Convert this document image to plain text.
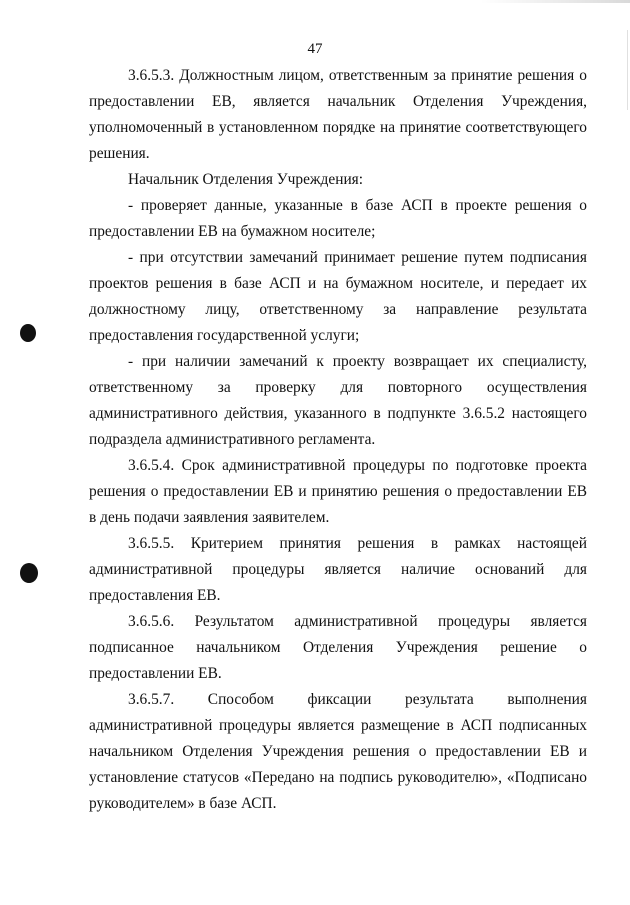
47

3.6.5.3. Должностным лицом, ответственным за принятие решения о предоставлении ЕВ, является начальник Отделения Учреждения, уполномоченный в установленном порядке на принятие соответствующего решения.

Начальник Отделения Учреждения:

- проверяет данные, указанные в базе АСП в проекте решения о предоставлении ЕВ на бумажном носителе;

- при отсутствии замечаний принимает решение путем подписания проектов решения в базе АСП и на бумажном носителе, и передает их должностному лицу, ответственному за направление результата предоставления государственной услуги;

- при наличии замечаний к проекту возвращает их специалисту, ответственному за проверку для повторного осуществления административного действия, указанного в подпункте 3.6.5.2 настоящего подраздела административного регламента.

3.6.5.4. Срок административной процедуры по подготовке проекта решения о предоставлении ЕВ и принятию решения о предоставлении ЕВ в день подачи заявления заявителем.

3.6.5.5. Критерием принятия решения в рамках настоящей административной процедуры является наличие оснований для предоставления ЕВ.

3.6.5.6. Результатом административной процедуры является подписанное начальником Отделения Учреждения решение о предоставлении ЕВ.

3.6.5.7. Способом фиксации результата выполнения административной процедуры является размещение в АСП подписанных начальником Отделения Учреждения решения о предоставлении ЕВ и установление статусов «Передано на подпись руководителю», «Подписано руководителем» в базе АСП.
